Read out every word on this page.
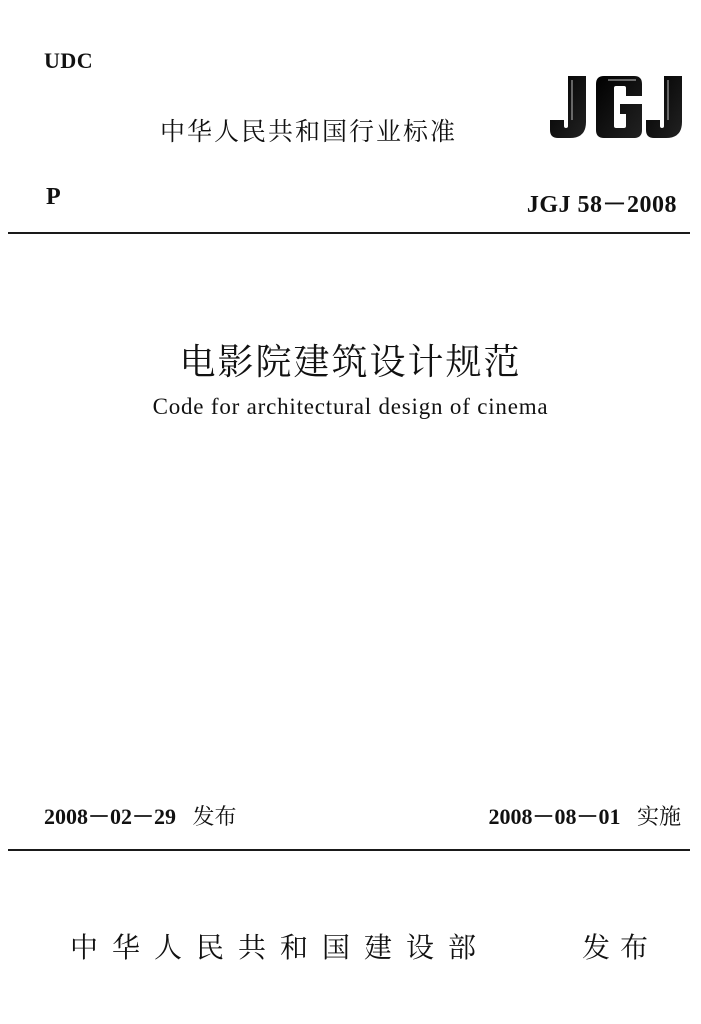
UDC
中华人民共和国行业标准
P	JGJ 58－2008
电影院建筑设计规范
Code for architectural design of cinema
2008－02－29 发布	2008－08－01 实施
中华人民共和国建设部	发布
